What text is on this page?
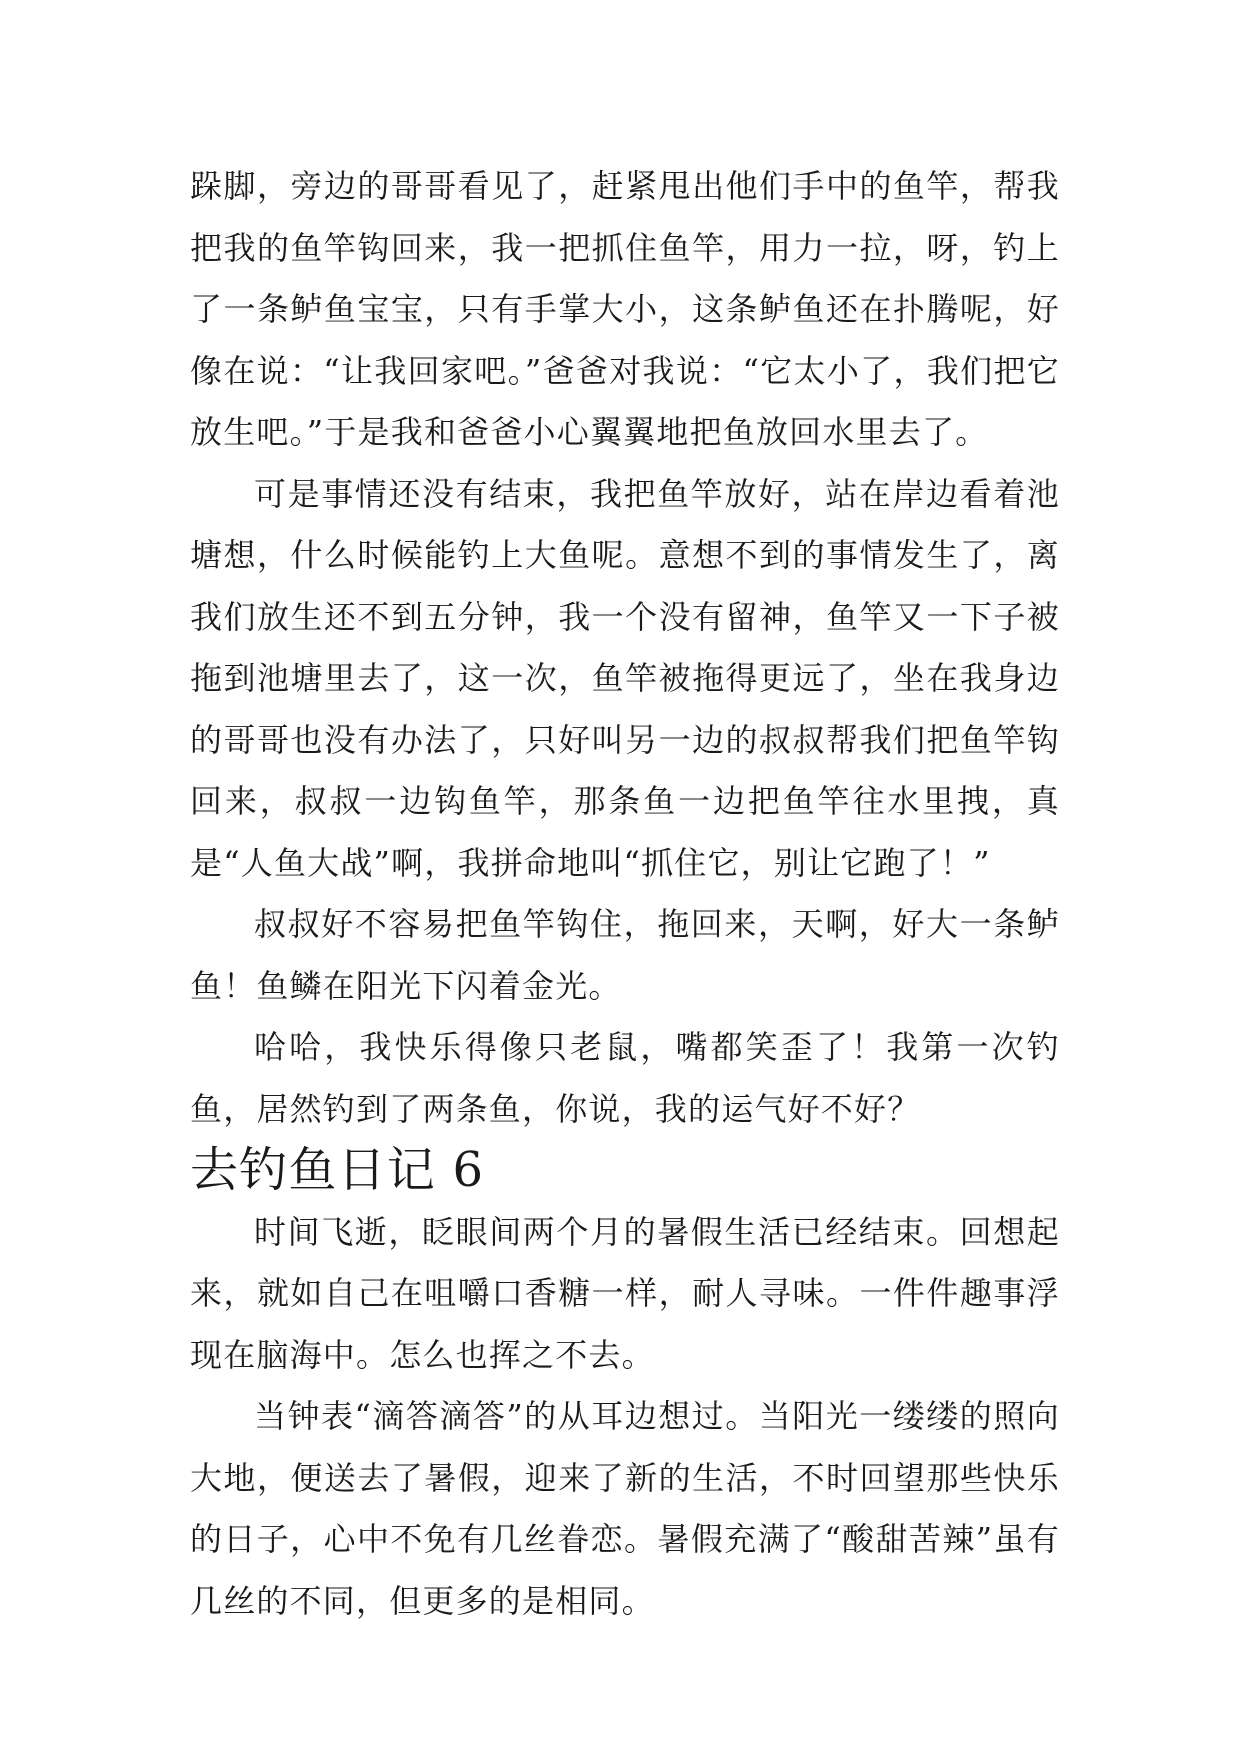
跺脚，旁边的哥哥看见了，赶紧甩出他们手中的鱼竿，帮我把我的鱼竿钩回来，我一把抓住鱼竿，用力一拉，呀，钓上了一条鲈鱼宝宝，只有手掌大小，这条鲈鱼还在扑腾呢，好像在说：“让我回家吧。”爸爸对我说：“它太小了，我们把它放生吧。”于是我和爸爸小心翼翼地把鱼放回水里去了。

可是事情还没有结束，我把鱼竿放好，站在岸边看着池塘想，什么时候能钓上大鱼呢。意想不到的事情发生了，离我们放生还不到五分钟，我一个没有留神，鱼竿又一下子被拖到池塘里去了，这一次，鱼竿被拖得更远了，坐在我身边的哥哥也没有办法了，只好叫另一边的叔叔帮我们把鱼竿钩回来，叔叔一边钩鱼竿，那条鱼一边把鱼竿往水里拽，真是“人鱼大战”啊，我拼命地叫“抓住它，别让它跑了！”

叔叔好不容易把鱼竿钩住，拖回来，天啊，好大一条鲈鱼！鱼鳞在阳光下闪着金光。

哈哈，我快乐得像只老鼠，嘴都笑歪了！我第一次钓鱼，居然钓到了两条鱼，你说，我的运气好不好？

去钓鱼日记 6

时间飞逝，眨眼间两个月的暑假生活已经结束。回想起来，就如自己在咀嚼口香糖一样，耐人寻味。一件件趣事浮现在脑海中。怎么也挥之不去。

当钟表“滴答滴答”的从耳边想过。当阳光一缕缕的照向大地，便送去了暑假，迎来了新的生活，不时回望那些快乐的日子，心中不免有几丝眷恋。暑假充满了“酸甜苦辣”虽有几丝的不同，但更多的是相同。
